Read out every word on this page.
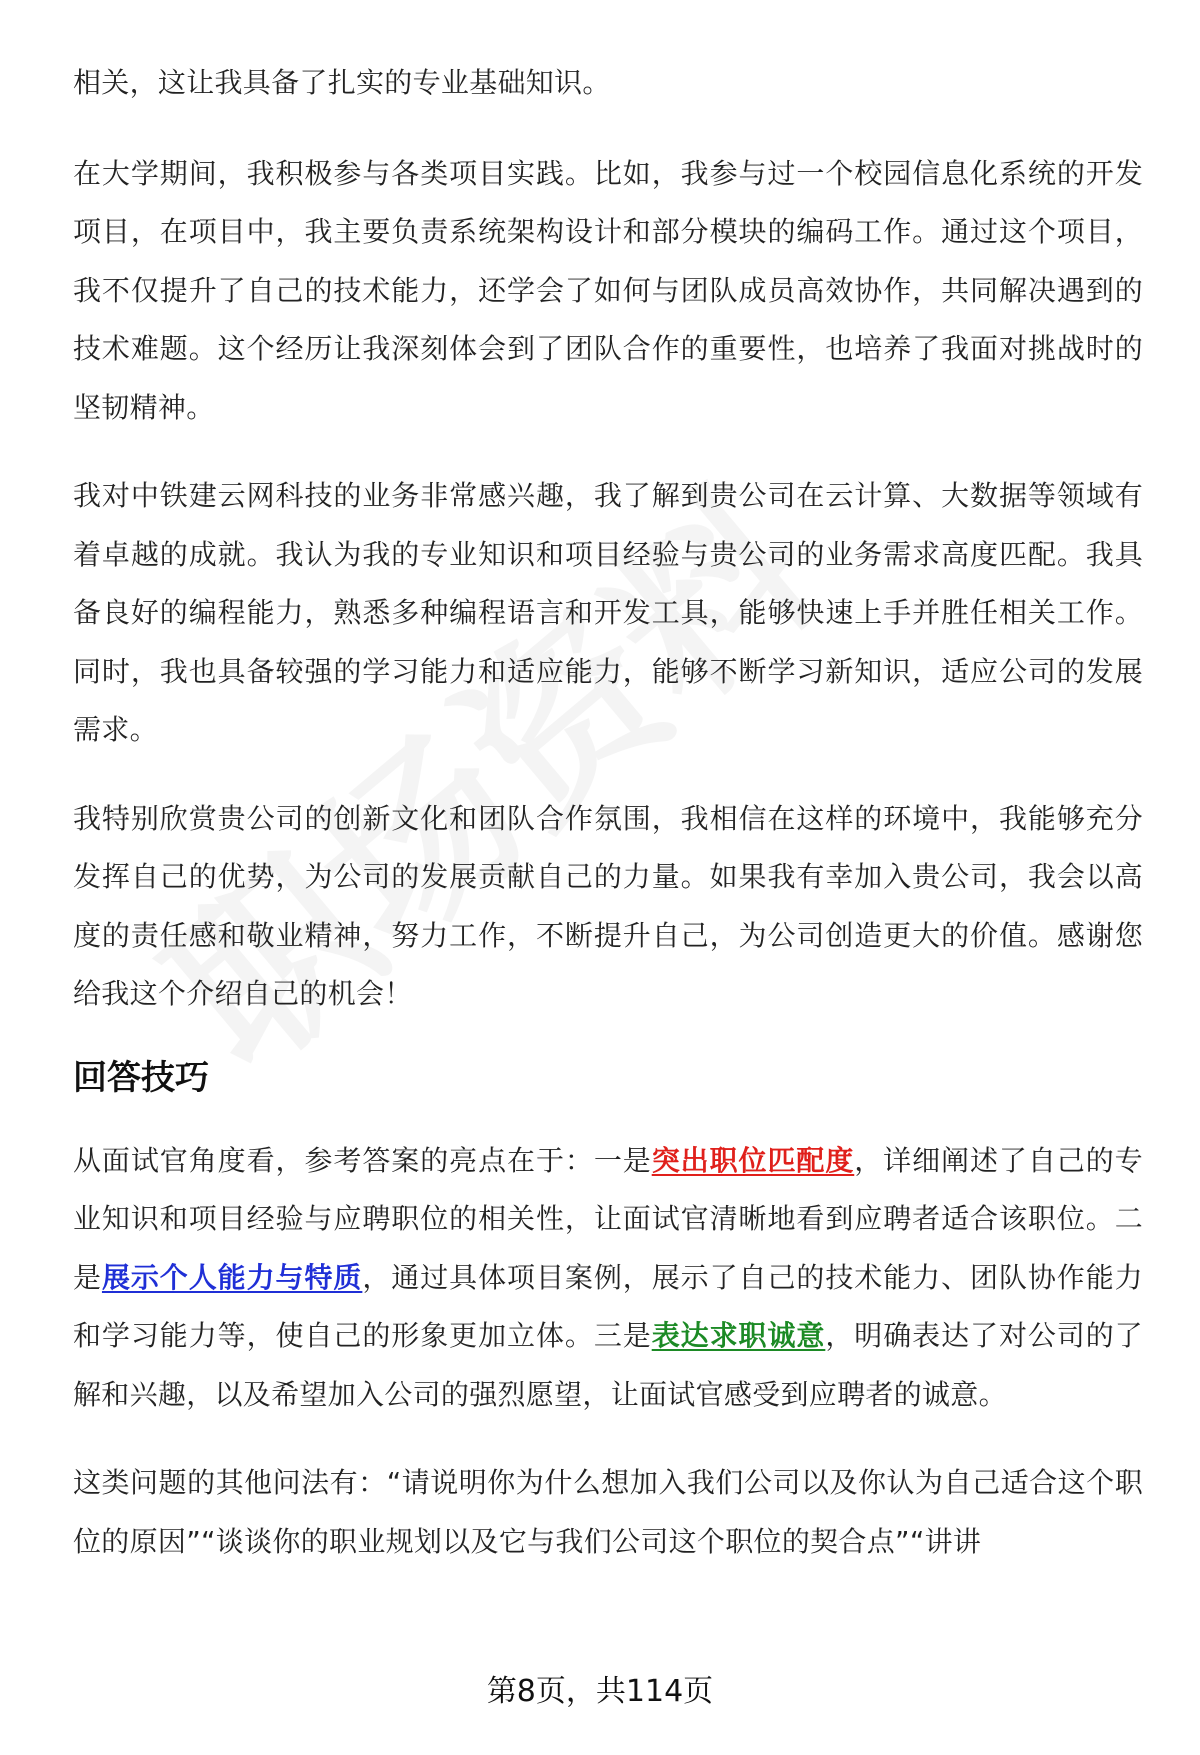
相关，这让我具备了扎实的专业基础知识。

在大学期间，我积极参与各类项目实践。比如，我参与过一个校园信息化系统的开发项目，在项目中，我主要负责系统架构设计和部分模块的编码工作。通过这个项目，我不仅提升了自己的技术能力，还学会了如何与团队成员高效协作，共同解决遇到的技术难题。这个经历让我深刻体会到了团队合作的重要性，也培养了我面对挑战时的坚韧精神。

我对中铁建云网科技的业务非常感兴趣，我了解到贵公司在云计算、大数据等领域有着卓越的成就。我认为我的专业知识和项目经验与贵公司的业务需求高度匹配。我具备良好的编程能力，熟悉多种编程语言和开发工具，能够快速上手并胜任相关工作。同时，我也具备较强的学习能力和适应能力，能够不断学习新知识，适应公司的发展需求。

我特别欣赏贵公司的创新文化和团队合作氛围，我相信在这样的环境中，我能够充分发挥自己的优势，为公司的发展贡献自己的力量。如果我有幸加入贵公司，我会以高度的责任感和敬业精神，努力工作，不断提升自己，为公司创造更大的价值。感谢您给我这个介绍自己的机会！

回答技巧

从面试官角度看，参考答案的亮点在于：一是突出职位匹配度，详细阐述了自己的专业知识和项目经验与应聘职位的相关性，让面试官清晰地看到应聘者适合该职位。二是展示个人能力与特质，通过具体项目案例，展示了自己的技术能力、团队协作能力和学习能力等，使自己的形象更加立体。三是表达求职诚意，明确表达了对公司的了解和兴趣，以及希望加入公司的强烈愿望，让面试官感受到应聘者的诚意。

这类问题的其他问法有：“请说明你为什么想加入我们公司以及你认为自己适合这个职位的原因”“谈谈你的职业规划以及它与我们公司这个职位的契合点”“讲讲

第8页，共114页
